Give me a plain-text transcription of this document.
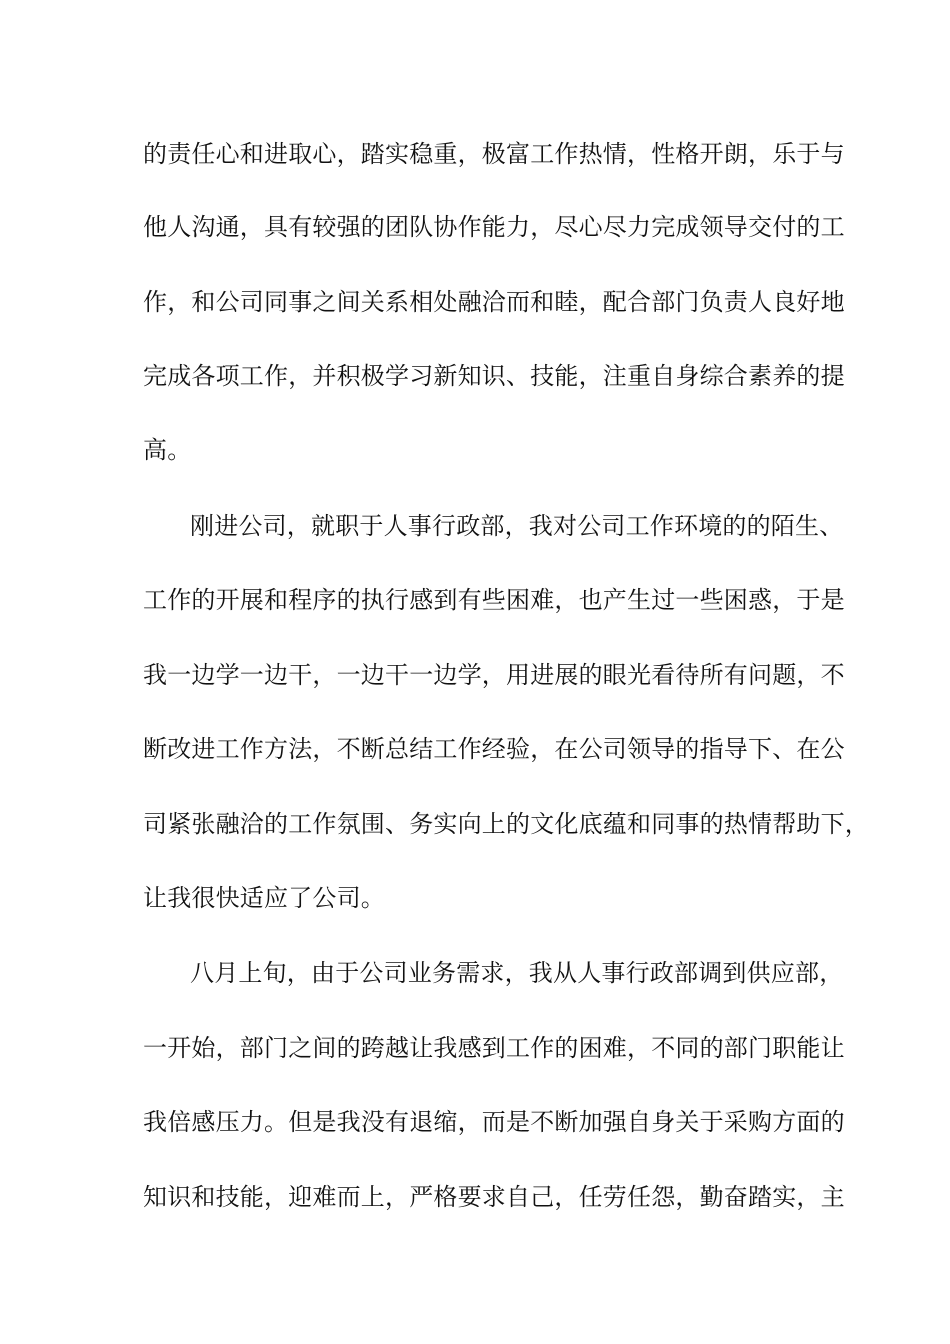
的责任心和进取心，踏实稳重，极富工作热情，性格开朗，乐于与
他人沟通，具有较强的团队协作能力，尽心尽力完成领导交付的工
作，和公司同事之间关系相处融洽而和睦，配合部门负责人良好地
完成各项工作，并积极学习新知识、技能，注重自身综合素养的提
高。
刚进公司，就职于人事行政部，我对公司工作环境的的陌生、
工作的开展和程序的执行感到有些困难，也产生过一些困惑，于是
我一边学一边干，一边干一边学，用进展的眼光看待所有问题，不
断改进工作方法，不断总结工作经验，在公司领导的指导下、在公
司紧张融洽的工作氛围、务实向上的文化底蕴和同事的热情帮助下，
让我很快适应了公司。
八月上旬，由于公司业务需求，我从人事行政部调到供应部，
一开始，部门之间的跨越让我感到工作的困难，不同的部门职能让
我倍感压力。但是我没有退缩，而是不断加强自身关于采购方面的
知识和技能，迎难而上，严格要求自己，任劳任怨，勤奋踏实，主
